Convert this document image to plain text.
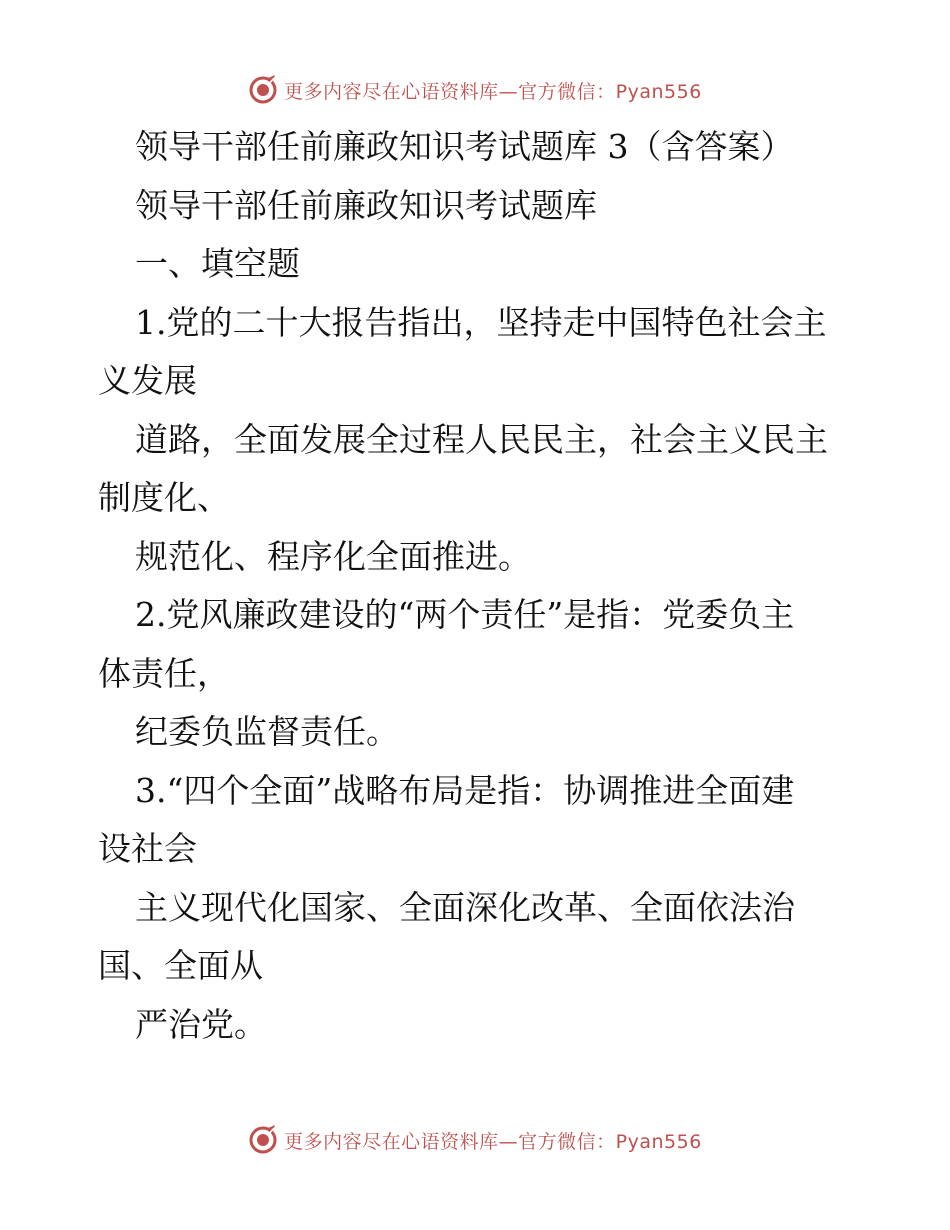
更多内容尽在心语资料库—官方微信：Pyan556

领导干部任前廉政知识考试题库 3（含答案）

领导干部任前廉政知识考试题库

一、填空题

1.党的二十大报告指出，坚持走中国特色社会主

义发展

道路，全面发展全过程人民民主，社会主义民主

制度化、

规范化、程序化全面推进。

2.党风廉政建设的“两个责任”是指：党委负主

体责任，

纪委负监督责任。

3.“四个全面”战略布局是指：协调推进全面建

设社会

主义现代化国家、全面深化改革、全面依法治

国、全面从

严治党。

更多内容尽在心语资料库—官方微信：Pyan556
